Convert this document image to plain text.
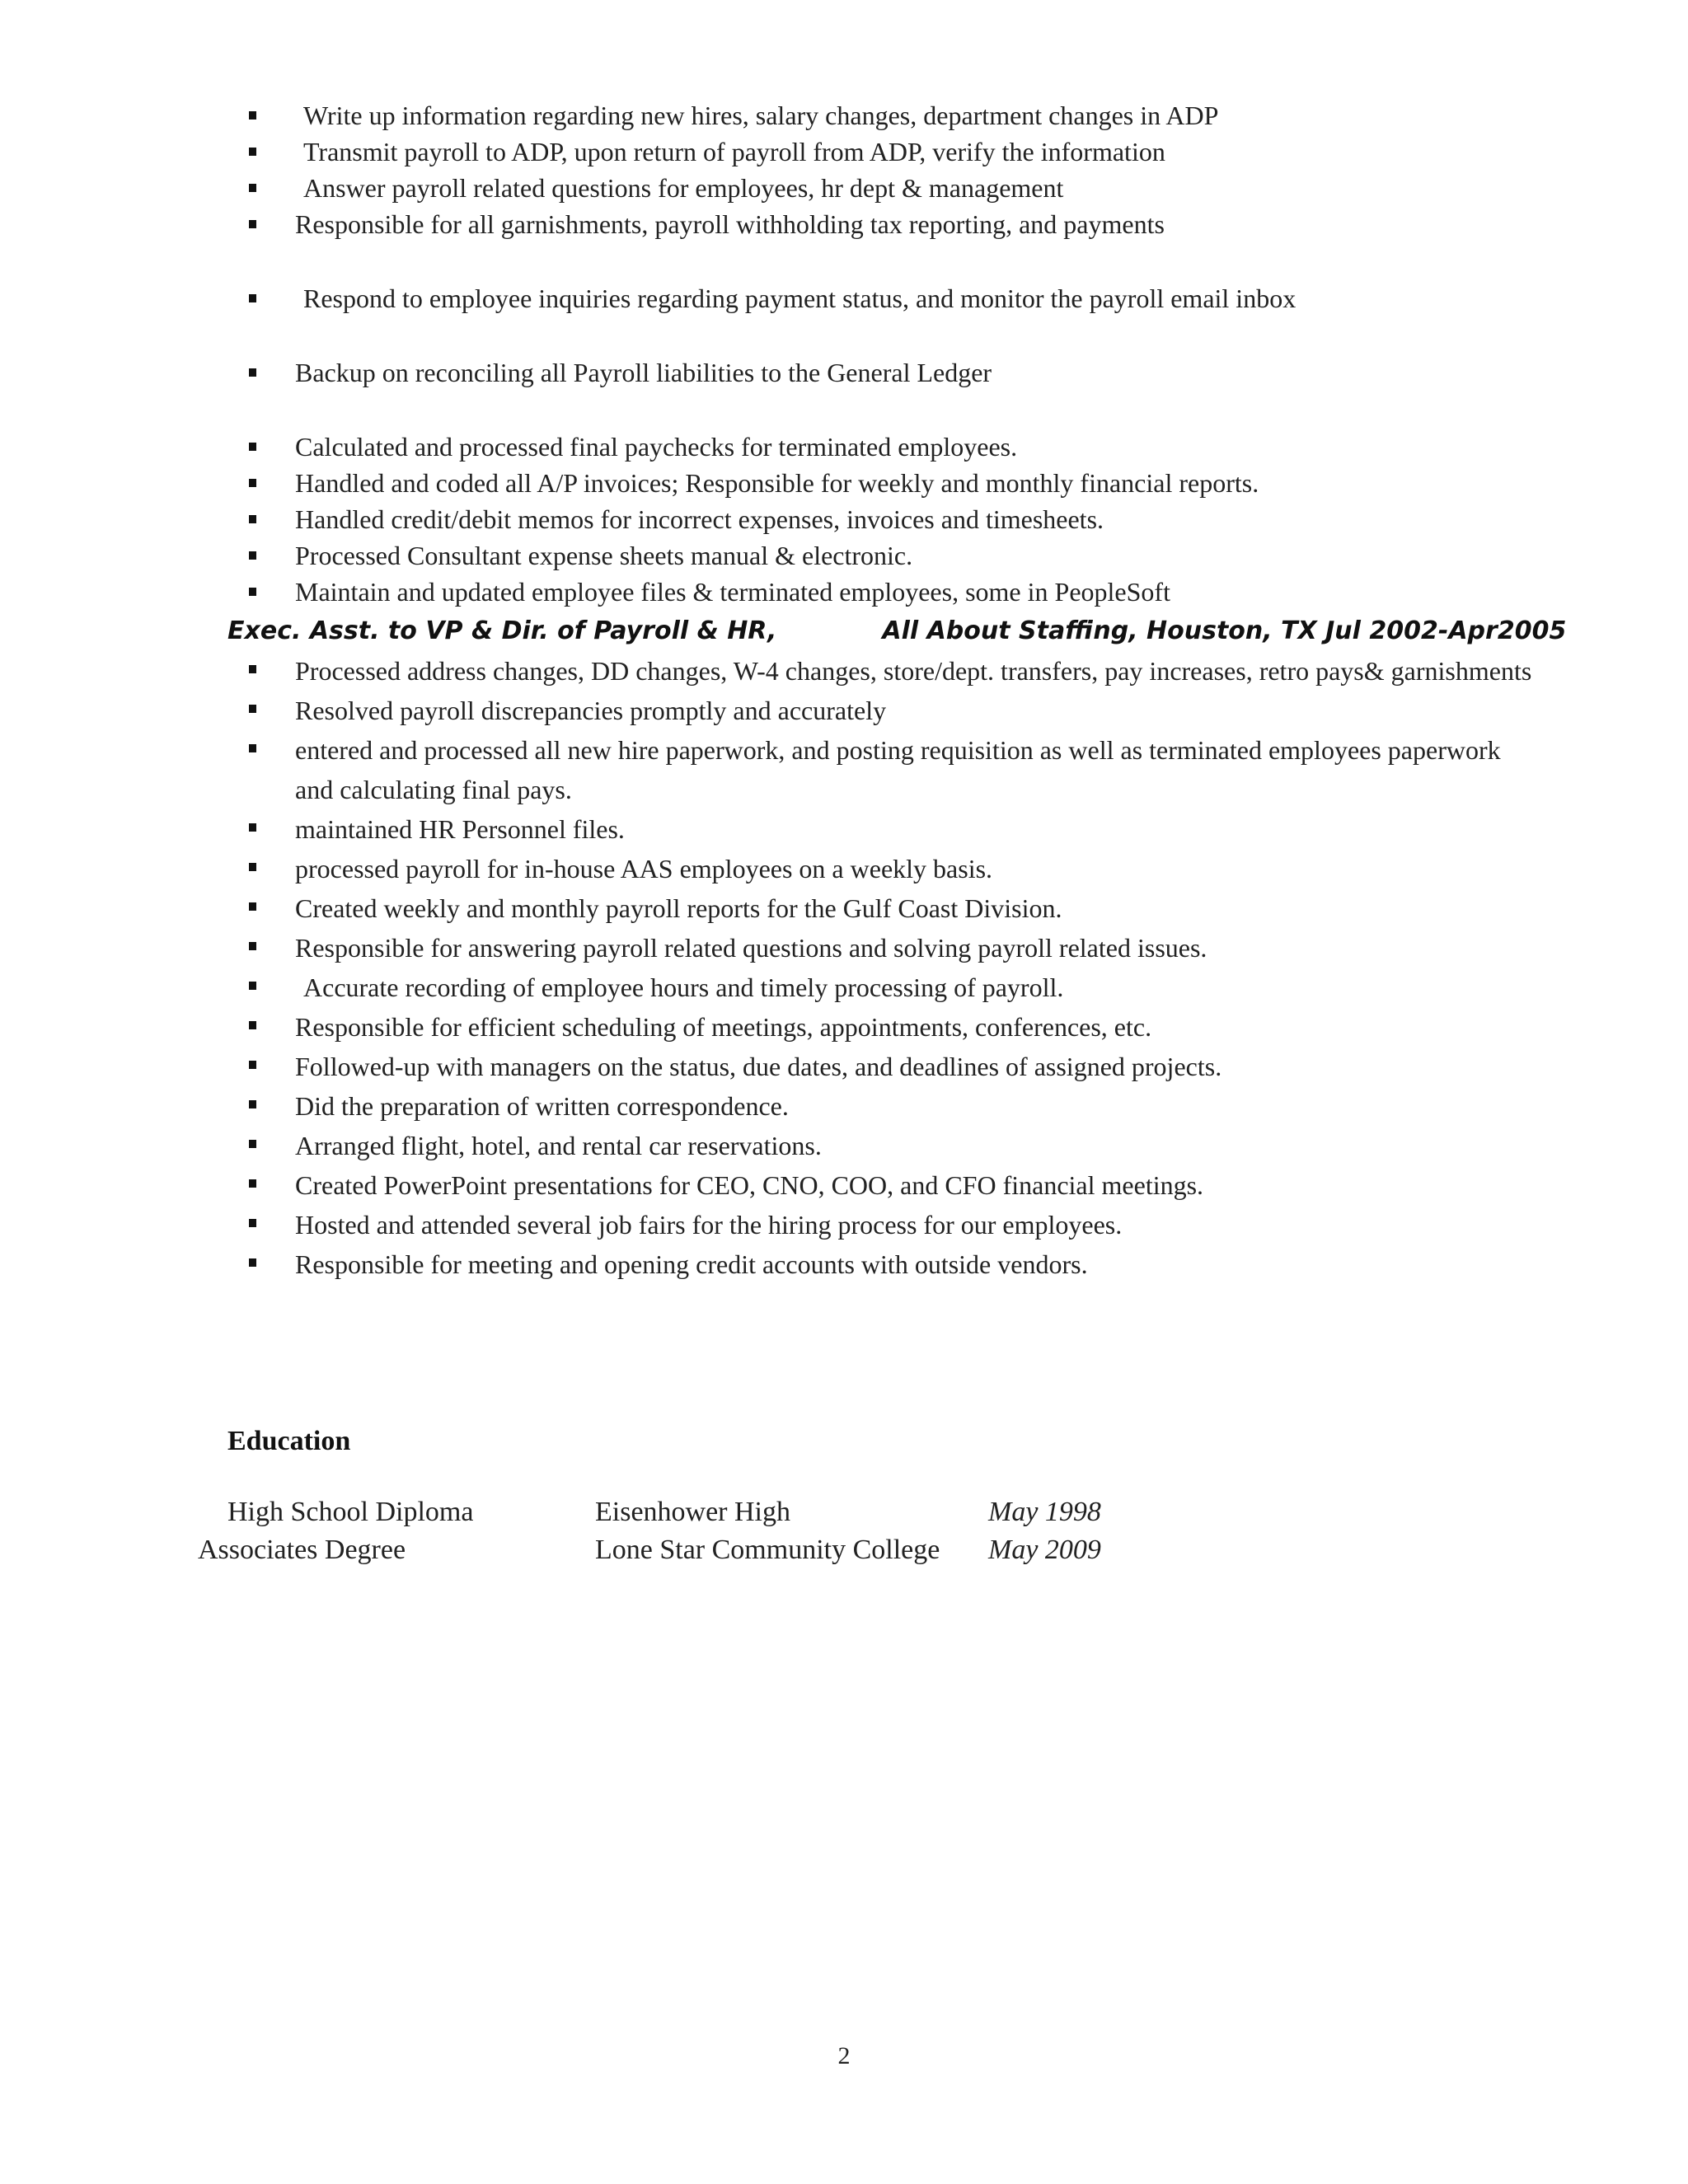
Write up information regarding new hires, salary changes, department changes in ADP
Transmit payroll to ADP, upon return of payroll from ADP, verify the information
Answer payroll related questions for employees, hr dept & management
Responsible for all garnishments, payroll withholding tax reporting, and payments
Respond to employee inquiries regarding payment status, and monitor the payroll email inbox
Backup on reconciling all Payroll liabilities to the General Ledger
Calculated and processed final paychecks for terminated employees.
Handled and coded all A/P invoices; Responsible for weekly and monthly financial reports.
Handled credit/debit memos for incorrect expenses, invoices and timesheets.
Processed Consultant expense sheets manual & electronic.
Maintain and updated employee files & terminated employees, some in PeopleSoft
Exec. Asst. to VP & Dir. of Payroll & HR,	All About Staffing, Houston, TX Jul 2002-Apr2005
Processed address changes, DD changes, W-4 changes, store/dept. transfers, pay increases, retro pays& garnishments
Resolved payroll discrepancies promptly and accurately
entered and processed all new hire paperwork, and posting requisition as well as terminated employees paperwork and calculating final pays.
maintained HR Personnel files.
processed payroll for in-house AAS employees on a weekly basis.
Created weekly and monthly payroll reports for the Gulf Coast Division.
Responsible for answering payroll related questions and solving payroll related issues.
Accurate recording of employee hours and timely processing of payroll.
Responsible for efficient scheduling of meetings, appointments, conferences, etc.
Followed-up with managers on the status, due dates, and deadlines of assigned projects.
Did the preparation of written correspondence.
Arranged flight, hotel, and rental car reservations.
Created PowerPoint presentations for CEO, CNO, COO, and CFO financial meetings.
Hosted and attended several job fairs for the hiring process for our employees.
Responsible for meeting and opening credit accounts with outside vendors.
Education
High School Diploma	Eisenhower High	May 1998
Associates Degree	Lone Star Community College May 2009
2
